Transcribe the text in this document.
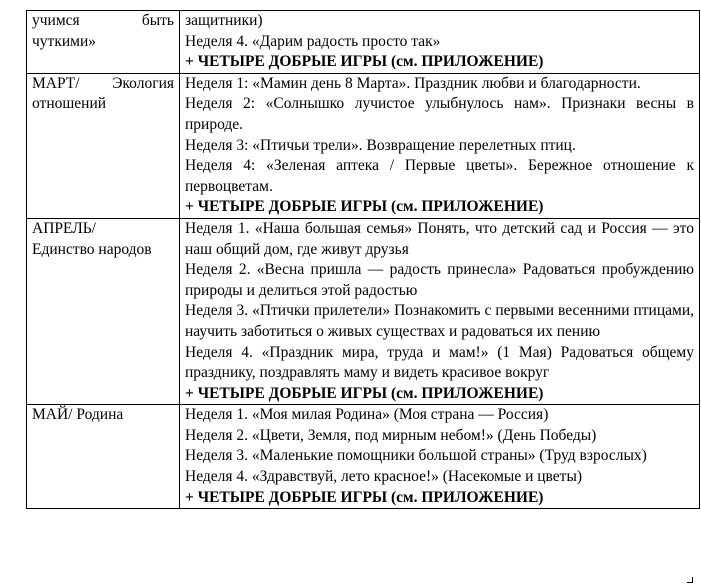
учимся быть
чуткими»	защитники)
Неделя 4. «Дарим радость просто так»
+ ЧЕТЫРЕ ДОБРЫЕ ИГРЫ (см. ПРИЛОЖЕНИЕ)

МАРТ/ Экология
отношений	Неделя 1: «Мамин день 8 Марта». Праздник любви и благодарности.
Неделя 2: «Солнышко лучистое улыбнулось нам». Признаки весны в природе.
Неделя 3: «Птичьи трели». Возвращение перелетных птиц.
Неделя 4: «Зеленая аптека / Первые цветы». Бережное отношение к первоцветам.
+ ЧЕТЫРЕ ДОБРЫЕ ИГРЫ (см. ПРИЛОЖЕНИЕ)

АПРЕЛЬ/
Единство народов	Неделя 1. «Наша большая семья» Понять, что детский сад и Россия — это наш общий дом, где живут друзья
Неделя 2. «Весна пришла — радость принесла» Радоваться пробуждению природы и делиться этой радостью
Неделя 3. «Птички прилетели» Познакомить с первыми весенними птицами, научить заботиться о живых существах и радоваться их пению
Неделя 4. «Праздник мира, труда и мам!» (1 Мая) Радоваться общему празднику, поздравлять маму и видеть красивое вокруг
+ ЧЕТЫРЕ ДОБРЫЕ ИГРЫ (см. ПРИЛОЖЕНИЕ)

МАЙ/ Родина	Неделя 1. «Моя милая Родина» (Моя страна — Россия)
Неделя 2. «Цвети, Земля, под мирным небом!» (День Победы)
Неделя 3. «Маленькие помощники большой страны» (Труд взрослых)
Неделя 4. «Здравствуй, лето красное!» (Насекомые и цветы)
+ ЧЕТЫРЕ ДОБРЫЕ ИГРЫ (см. ПРИЛОЖЕНИЕ)
